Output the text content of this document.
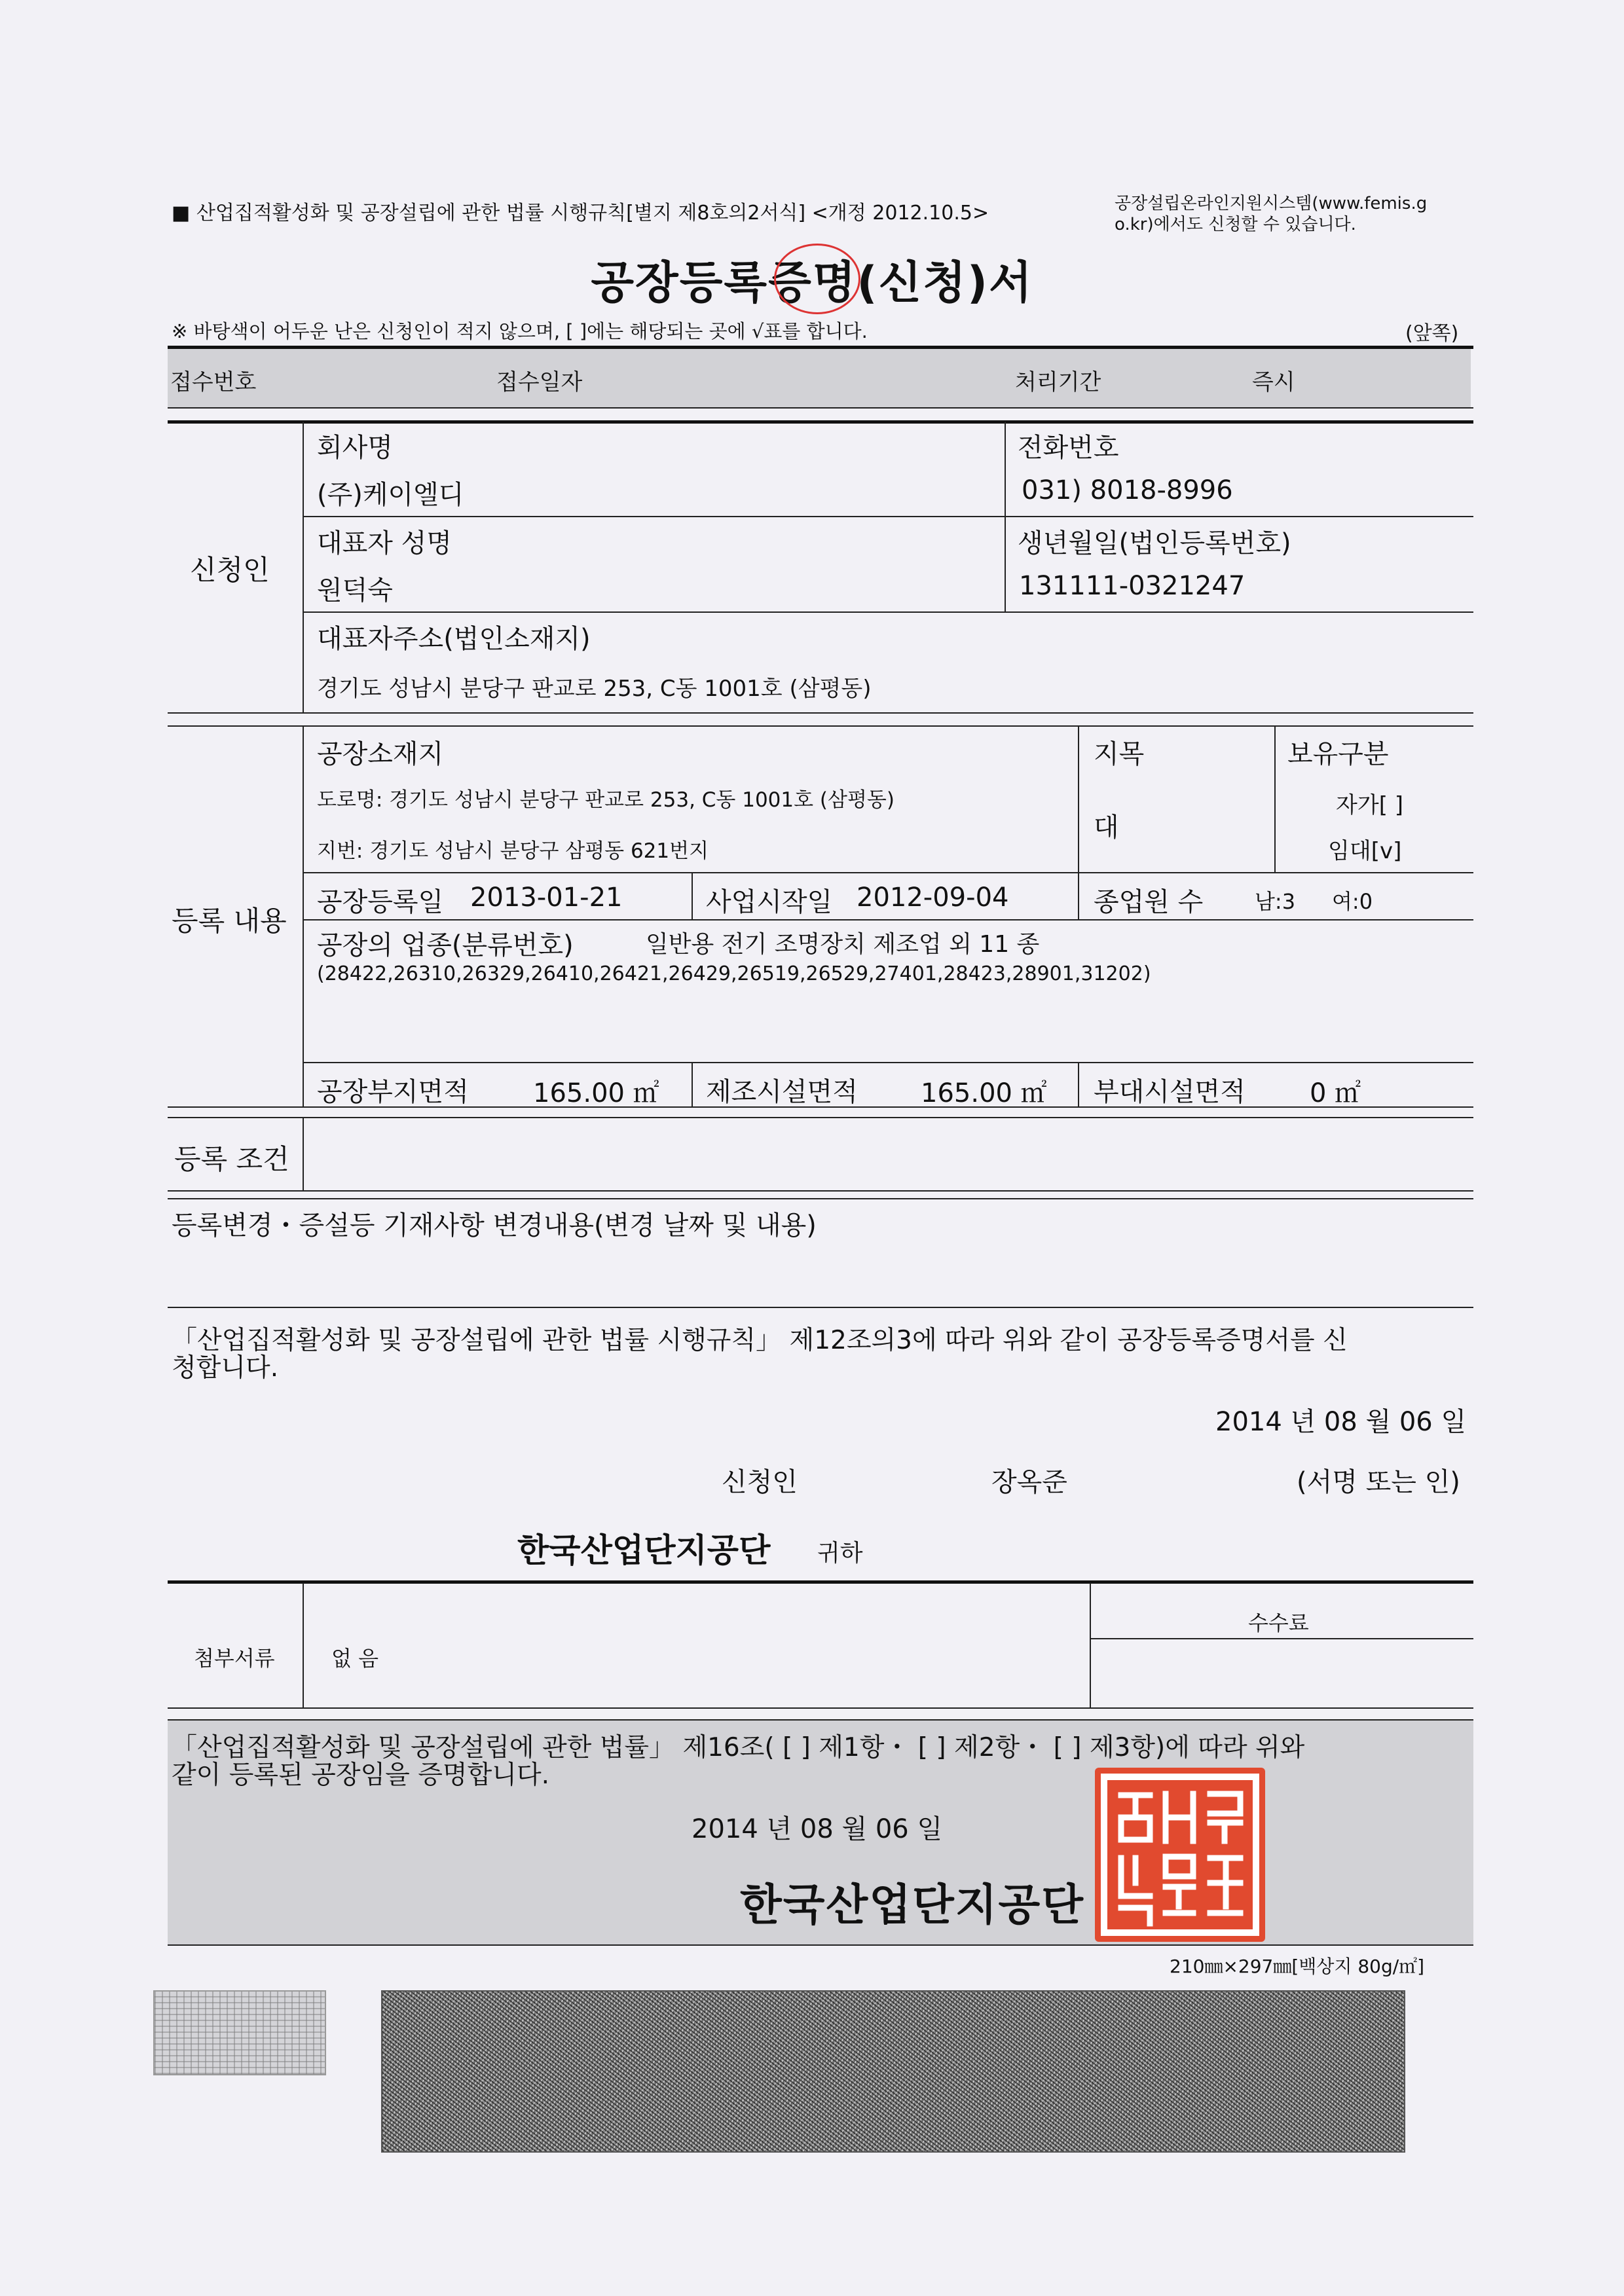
■ 산업집적활성화 및 공장설립에 관한 법률 시행규칙[별지 제8호의2서식] <개정 2012.10.5>	공장설립온라인지원시스템(www.femis.g
o.kr)에서도 신청할 수 있습니다.
공장등록증명(신청)서
※ 바탕색이 어두운 난은 신청인이 적지 않으며, [ ]에는 해당되는 곳에 √표를 합니다.	(앞쪽)
접수번호	접수일자	처리기간	즉시
신청인
회사명
(주)케이엘디
전화번호
031) 8018-8996
대표자 성명
원덕숙
생년월일(법인등록번호)
131111-0321247
대표자주소(법인소재지)
경기도 성남시 분당구 판교로 253, C동 1001호 (삼평동)
등록 내용
공장소재지
도로명: 경기도 성남시 분당구 판교로 253, C동 1001호 (삼평동)
지번: 경기도 성남시 분당구 삼평동 621번지
지목
대
보유구분
자가[ ]
임대[v]
공장등록일 2013-01-21	사업시작일 2012-09-04	종업원 수 남:3 여:0
공장의 업종(분류번호)	일반용 전기 조명장치 제조업 외 11 종
(28422,26310,26329,26410,26421,26429,26519,26529,27401,28423,28901,31202)
공장부지면적 165.00 ㎡ 제조시설면적 165.00 ㎡ 부대시설면적 0 ㎡
등록 조건
등록변경・증설등 기재사항 변경내용(변경 날짜 및 내용)
「산업집적활성화 및 공장설립에 관한 법률 시행규칙」 제12조의3에 따라 위와 같이 공장등록증명서를 신
청합니다.
2014 년 08 월 06 일
신청인	장옥준	(서명 또는 인)
한국산업단지공단 귀하
첨부서류	없 음
수수료
「산업집적활성화 및 공장설립에 관한 법률」 제16조( [ ] 제1항・ [ ] 제2항・ [ ] 제3항)에 따라 위와
같이 등록된 공장임을 증명합니다.
2014 년 08 월 06 일
한국산업단지공단
210㎜×297㎜[백상지 80g/㎡]
